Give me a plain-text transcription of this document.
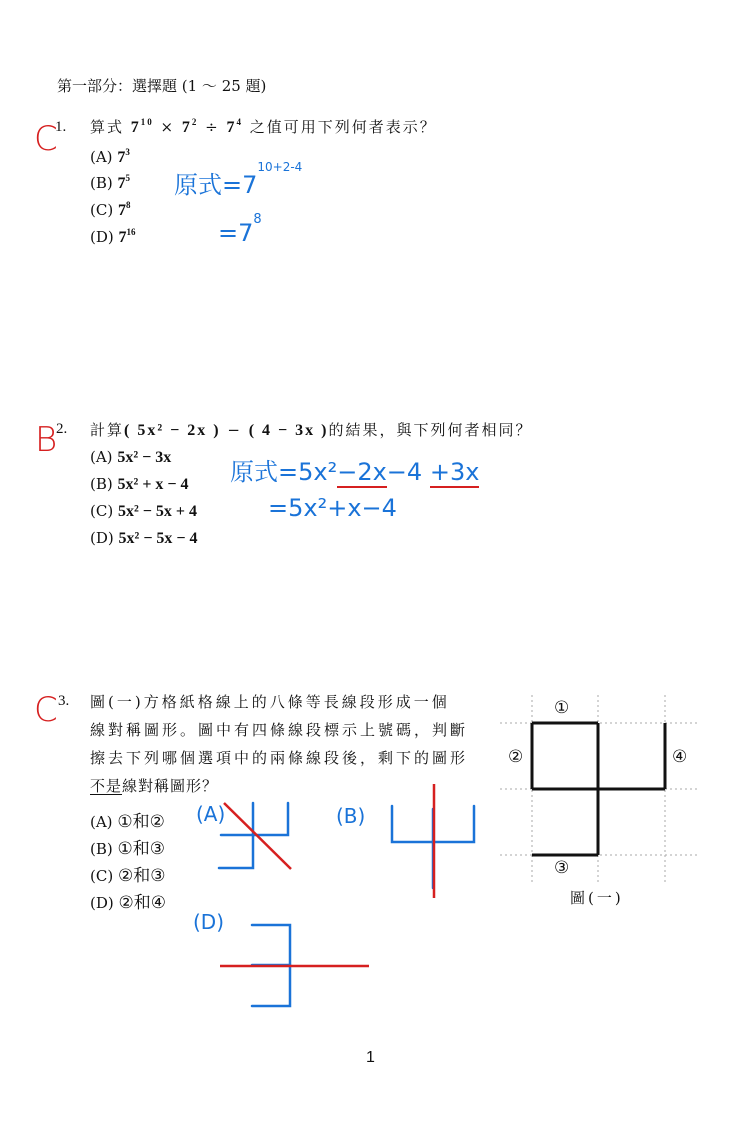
第一部分：選擇題 (1 ～ 25 題)
C
1. 算式 $7^{10} \times 7^2 \div 7^4$ 之值可用下列何者表示？
(A) $7^3$
(B) $7^5$
(C) $7^8$
(D) $7^{16}$
原式$=7^{10+2-4}$
$=7^8$
B
2. 計算( 5x² − 2x ) − ( 4 − 3x )的結果，與下列何者相同？
(A) 5x² − 3x
(B) 5x² + x − 4
(C) 5x² − 5x + 4
(D) 5x² − 5x − 4
原式=5x²−2x−4 +3x
=5x²+x−4
C 3. 圖(一)方格紙格線上的八條等長線段形成一個
線對稱圖形。圖中有四條線段標示上號碼，判斷
擦去下列哪個選項中的兩條線段後，剩下的圖形
不是線對稱圖形？
(A) ①和②
(B) ①和③
(C) ②和③
(D) ②和④
①
②
③
④
圖(一)
(A)	(B)
(D)
1
